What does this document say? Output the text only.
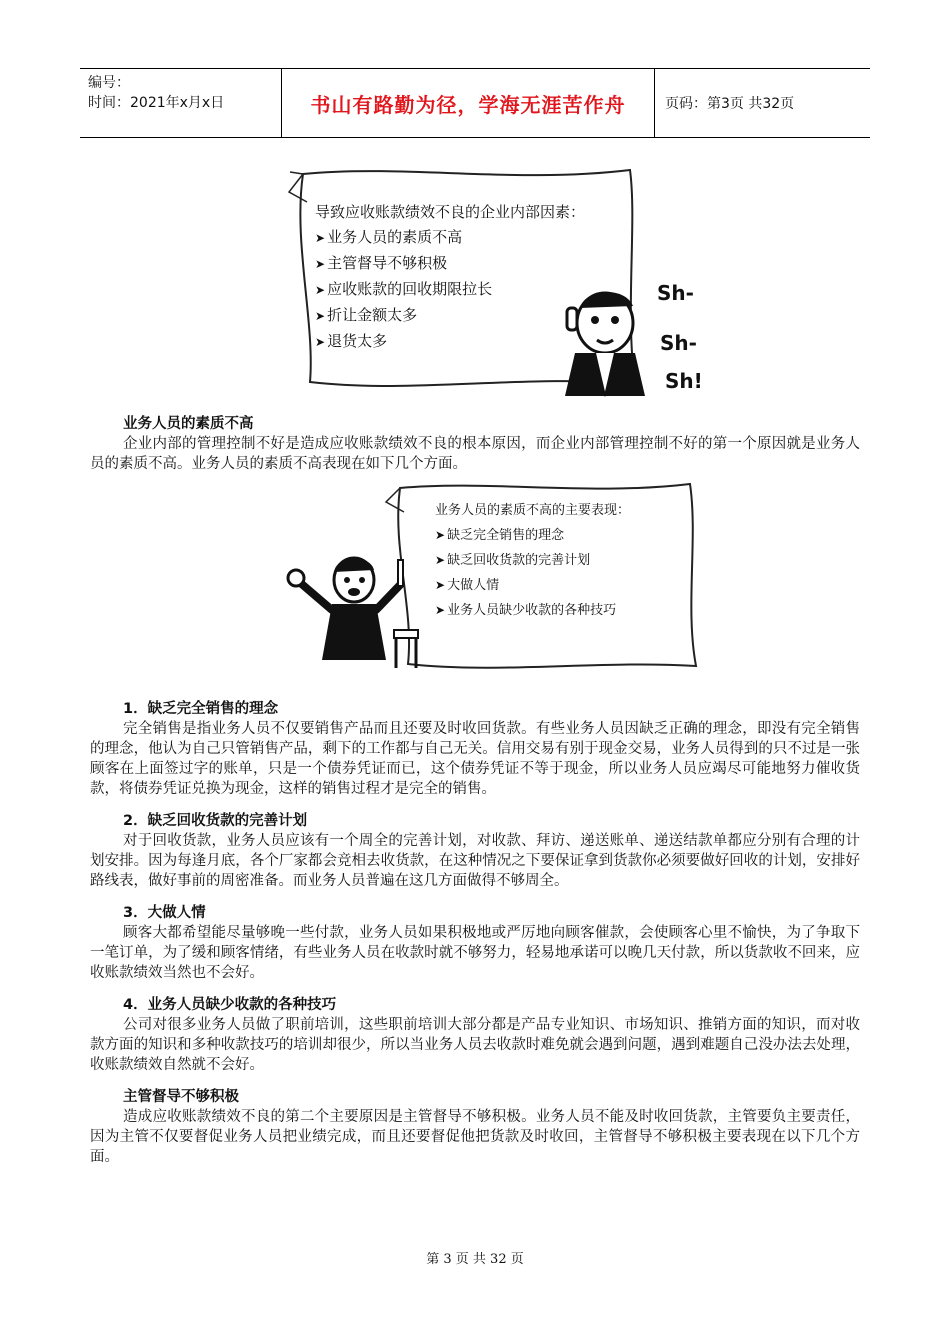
编号：
时间：2021年x月x日	书山有路勤为径，学海无涯苦作舟	页码：第3页 共32页
导致应收账款绩效不良的企业内部因素：
➤ 业务人员的素质不高
➤ 主管督导不够积极
➤ 应收账款的回收期限拉长
➤ 折让金额太多
➤ 退货太多
Sh-
Sh-
Sh!
业务人员的素质不高的主要表现：
➤ 缺乏完全销售的理念
➤ 缺乏回收货款的完善计划
➤ 大做人情
➤ 业务人员缺少收款的各种技巧
业务人员的素质不高

企业内部的管理控制不好是造成应收账款绩效不良的根本原因，而企业内部管理控制不好的第一个原因就是业务人员的素质不高。业务人员的素质不高表现在如下几个方面。

1．缺乏完全销售的理念

完全销售是指业务人员不仅要销售产品而且还要及时收回货款。有些业务人员因缺乏正确的理念，即没有完全销售的理念，他认为自己只管销售产品，剩下的工作都与自己无关。信用交易有别于现金交易，业务人员得到的只不过是一张顾客在上面签过字的账单，只是一个债券凭证而已，这个债券凭证不等于现金，所以业务人员应竭尽可能地努力催收货款，将债券凭证兑换为现金，这样的销售过程才是完全的销售。

2．缺乏回收货款的完善计划

对于回收货款，业务人员应该有一个周全的完善计划，对收款、拜访、递送账单、递送结款单都应分别有合理的计划安排。因为每逢月底，各个厂家都会竞相去收货款，在这种情况之下要保证拿到货款你必须要做好回收的计划，安排好路线表，做好事前的周密准备。而业务人员普遍在这几方面做得不够周全。

3．大做人情

顾客大都希望能尽量够晚一些付款，业务人员如果积极地或严厉地向顾客催款，会使顾客心里不愉快，为了争取下一笔订单，为了缓和顾客情绪，有些业务人员在收款时就不够努力，轻易地承诺可以晚几天付款，所以货款收不回来，应收账款绩效当然也不会好。

4．业务人员缺少收款的各种技巧

公司对很多业务人员做了职前培训，这些职前培训大部分都是产品专业知识、市场知识、推销方面的知识，而对收款方面的知识和多种收款技巧的培训却很少，所以当业务人员去收款时难免就会遇到问题，遇到难题自己没办法去处理，收账款绩效自然就不会好。

主管督导不够积极

造成应收账款绩效不良的第二个主要原因是主管督导不够积极。业务人员不能及时收回货款，主管要负主要责任，因为主管不仅要督促业务人员把业绩完成，而且还要督促他把货款及时收回，主管督导不够积极主要表现在以下几个方面。

第 3 页 共 32 页
